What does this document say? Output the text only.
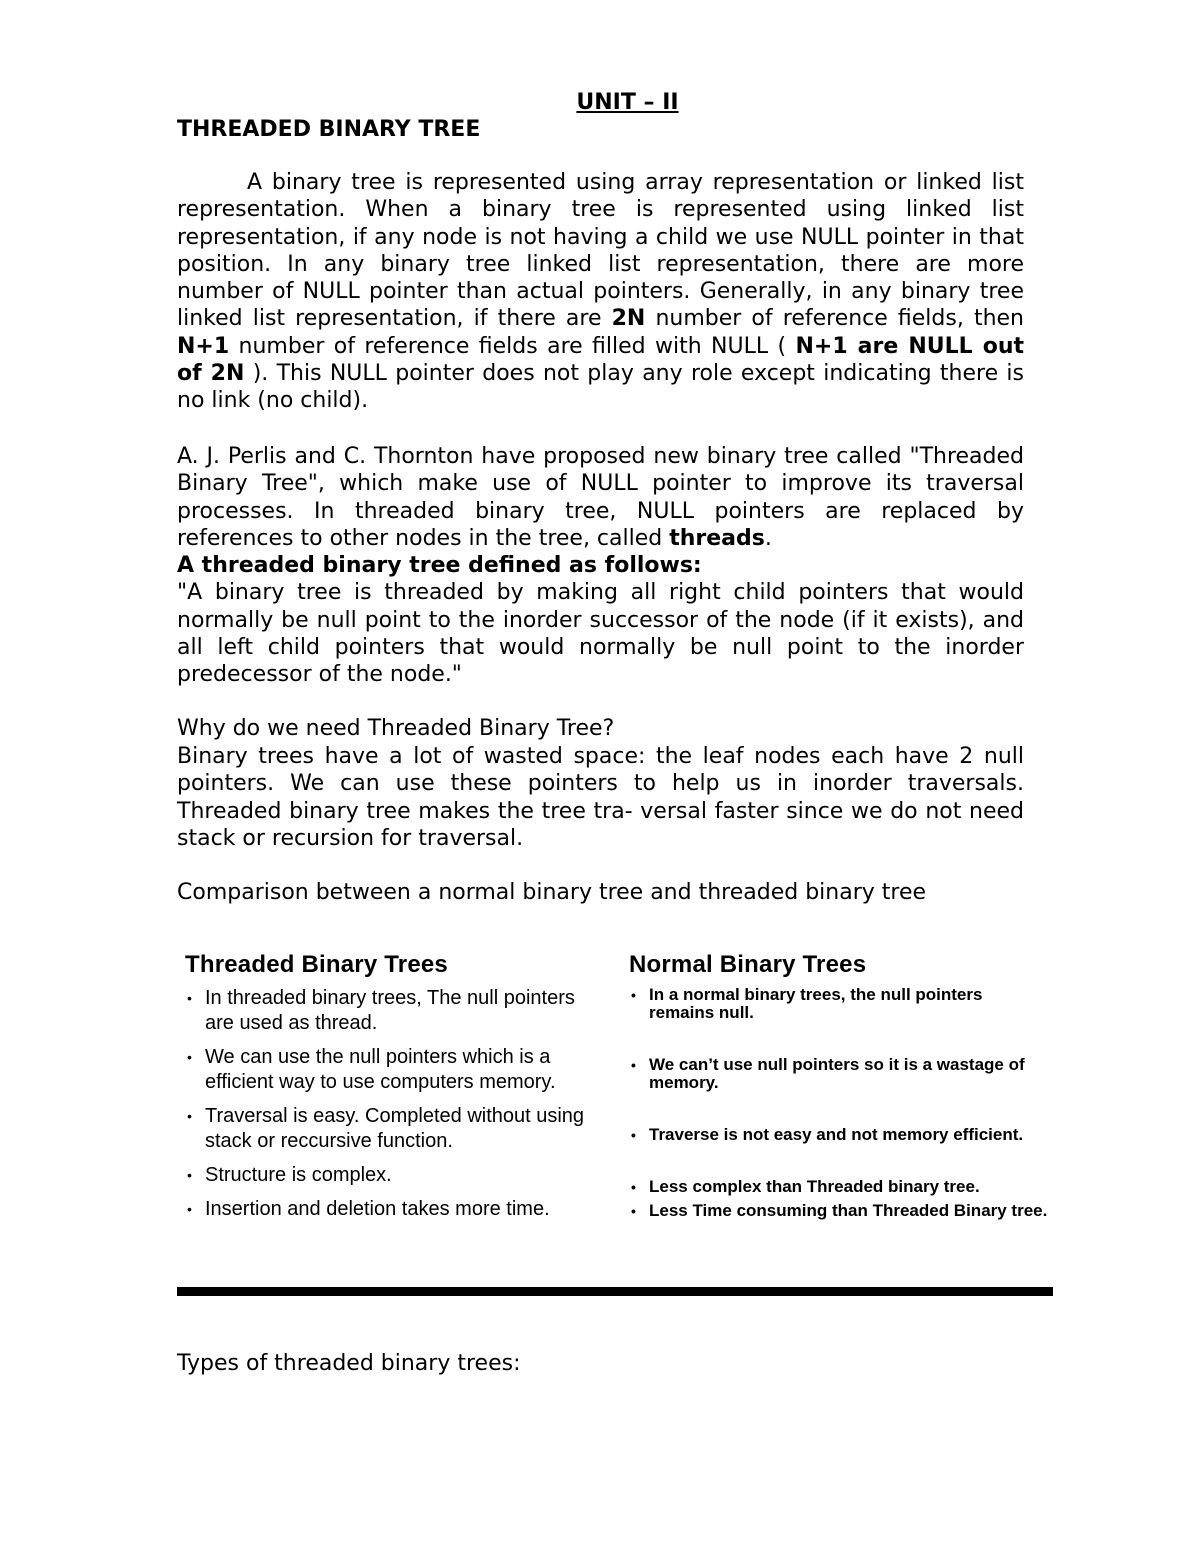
UNIT – II
THREADED BINARY TREE
A binary tree is represented using array representation or linked list representation. When a binary tree is represented using linked list representation, if any node is not having a child we use NULL pointer in that position. In any binary tree linked list representation, there are more number of NULL pointer than actual pointers. Generally, in any binary tree linked list representation, if there are 2N number of reference fields, then N+1 number of reference fields are filled with NULL ( N+1 are NULL out of 2N ). This NULL pointer does not play any role except indicating there is no link (no child).
A. J. Perlis and C. Thornton have proposed new binary tree called "Threaded Binary Tree", which make use of NULL pointer to improve its traversal processes. In threaded binary tree, NULL pointers are replaced by references to other nodes in the tree, called threads.
A threaded binary tree defined as follows:
"A binary tree is threaded by making all right child pointers that would normally be null point to the inorder successor of the node (if it exists), and all left child pointers that would normally be null point to the inorder predecessor of the node."
Why do we need Threaded Binary Tree?
Binary trees have a lot of wasted space: the leaf nodes each have 2 null pointers. We can use these pointers to help us in inorder traversals. Threaded binary tree makes the tree tra- versal faster since we do not need stack or recursion for traversal.
Comparison between a normal binary tree and threaded binary tree
Threaded Binary Trees
• In threaded binary trees, The null pointers are used as thread.
• We can use the null pointers which is a efficient way to use computers memory.
• Traversal is easy. Completed without using stack or reccursive function.
• Structure is complex.
• Insertion and deletion takes more time.
Normal Binary Trees
• In a normal binary trees, the null pointers remains null.
• We can’t use null pointers so it is a wastage of memory.
• Traverse is not easy and not memory efficient.
• Less complex than Threaded binary tree.
• Less Time consuming than Threaded Binary tree.
Types of threaded binary trees:
